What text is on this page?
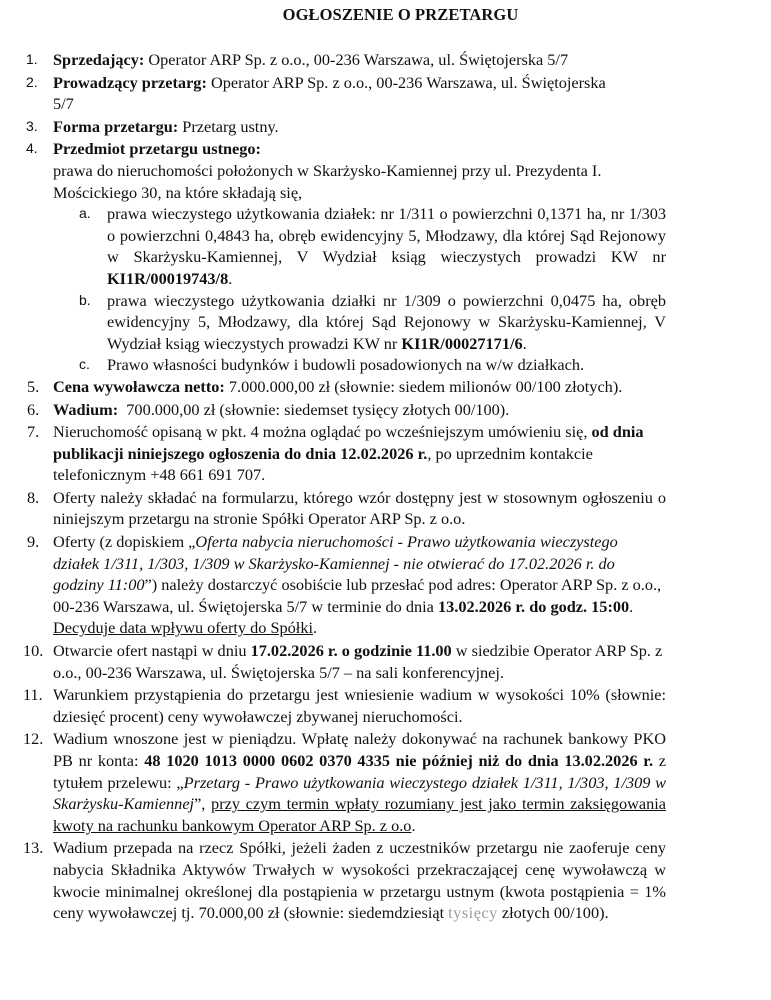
OGŁOSZENIE O PRZETARGU
1. Sprzedający: Operator ARP Sp. z o.o., 00-236 Warszawa, ul. Świętojerska 5/7
2. Prowadzący przetarg: Operator ARP Sp. z o.o., 00-236 Warszawa, ul. Świętojerska 5/7
3. Forma przetargu: Przetarg ustny.
4. Przedmiot przetargu ustnego:
prawa do nieruchomości położonych w Skarżysko-Kamiennej przy ul. Prezydenta I. Mościckiego 30, na które składają się,
a. prawa wieczystego użytkowania działek: nr 1/311 o powierzchni 0,1371 ha, nr 1/303 o powierzchni 0,4843 ha, obręb ewidencyjny 5, Młodzawy, dla której Sąd Rejonowy w Skarżysku-Kamiennej, V Wydział ksiąg wieczystych prowadzi KW nr KI1R/00019743/8.
b. prawa wieczystego użytkowania działki nr 1/309 o powierzchni 0,0475 ha, obręb ewidencyjny 5, Młodzawy, dla której Sąd Rejonowy w Skarżysku-Kamiennej, V Wydział ksiąg wieczystych prowadzi KW nr KI1R/00027171/6.
c. Prawo własności budynków i budowli posadowionych na w/w działkach.
5. Cena wywoławcza netto: 7.000.000,00 zł (słownie: siedem milionów 00/100 złotych).
6. Wadium:  700.000,00 zł (słownie: siedemset tysięcy złotych 00/100).
7. Nieruchomość opisaną w pkt. 4 można oglądać po wcześniejszym umówieniu się, od dnia publikacji niniejszego ogłoszenia do dnia 12.02.2026 r., po uprzednim kontakcie telefonicznym +48 661 691 707.
8. Oferty należy składać na formularzu, którego wzór dostępny jest w stosownym ogłoszeniu o niniejszym przetargu na stronie Spółki Operator ARP Sp. z o.o.
9. Oferty (z dopiskiem „Oferta nabycia nieruchomości - Prawo użytkowania wieczystego działek 1/311, 1/303, 1/309 w Skarżysko-Kamiennej - nie otwierać do 17.02.2026 r. do godziny 11:00”) należy dostarczyć osobiście lub przesłać pod adres: Operator ARP Sp. z o.o., 00-236 Warszawa, ul. Świętojerska 5/7 w terminie do dnia 13.02.2026 r. do godz. 15:00. Decyduje data wpływu oferty do Spółki.
10. Otwarcie ofert nastąpi w dniu 17.02.2026 r. o godzinie 11.00 w siedzibie Operator ARP Sp. z o.o., 00-236 Warszawa, ul. Świętojerska 5/7 – na sali konferencyjnej.
11. Warunkiem przystąpienia do przetargu jest wniesienie wadium w wysokości 10% (słownie: dziesięć procent) ceny wywoławczej zbywanej nieruchomości.
12. Wadium wnoszone jest w pieniądzu. Wpłatę należy dokonywać na rachunek bankowy PKO PB nr konta: 48 1020 1013 0000 0602 0370 4335 nie później niż do dnia 13.02.2026 r. z tytułem przelewu: „Przetarg - Prawo użytkowania wieczystego działek 1/311, 1/303, 1/309 w Skarżysku-Kamiennej”, przy czym termin wpłaty rozumiany jest jako termin zaksięgowania kwoty na rachunku bankowym Operator ARP Sp. z o.o.
13. Wadium przepada na rzecz Spółki, jeżeli żaden z uczestników przetargu nie zaoferuje ceny nabycia Składnika Aktywów Trwałych w wysokości przekraczającej cenę wywoławczą w kwocie minimalnej określonej dla postąpienia w przetargu ustnym (kwota postąpienia = 1% ceny wywoławczej tj. 70.000,00 zł (słownie: siedemdziesiąt tysięcy złotych 00/100).
